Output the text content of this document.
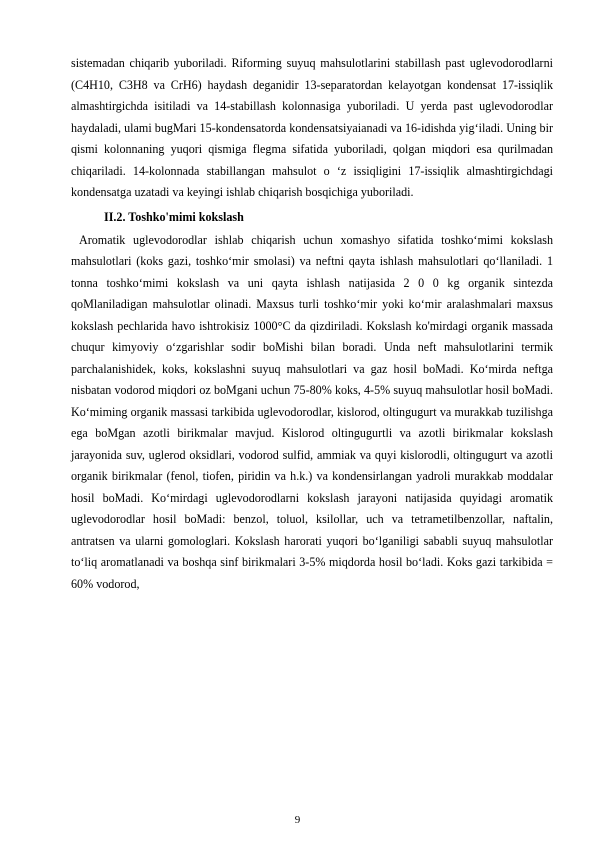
sistemadan chiqarib yuboriladi. Riforming suyuq mahsulotlarini stabillash past uglevodorodlarni (C4H10, C3H8 va CrH6) haydash deganidir 13-separatordan kelayotgan kondensat 17-issiqlik almashtirgichda isitiladi va 14-stabillash kolonnasiga yuboriladi. U yerda past uglevodorodlar haydaladi, ulami bugMari 15-kondensatorda kondensatsiyaianadi va 16-idishda yig‘iladi. Uning bir qismi kolonnaning yuqori qismiga flegma sifatida yuboriladi, qolgan miqdori esa qurilmadan chiqariladi. 14-kolonnada stabillangan mahsulot o ‘z issiqligini 17-issiqlik almashtirgichdagi kondensatga uzatadi va keyingi ishlab chiqarish bosqichiga yuboriladi.

II.2. Toshko'mimi kokslash

Aromatik uglevodorodlar ishlab chiqarish uchun xomashyo sifatida toshko‘mimi kokslash mahsulotlari (koks gazi, toshko‘mir smolasi) va neftni qayta ishlash mahsulotlari qo‘llaniladi. 1 tonna toshko‘mimi kokslash va uni qayta ishlash natijasida 2 0 0 kg organik sintezda qoMlaniladigan mahsulotlar olinadi. Maxsus turli toshko‘mir yoki ko‘mir aralashmalari maxsus kokslash pechlarida havo ishtrokisiz 1000°C da qizdiriladi. Kokslash ko'mirdagi organik massada chuqur kimyoviy o‘zgarishlar sodir boMishi bilan boradi. Unda neft mahsulotlarini termik parchalanishidek, koks, kokslashni suyuq mahsulotlari va gaz hosil boMadi. Ko‘mirda neftga nisbatan vodorod miqdori oz boMgani uchun 75-80% koks, 4-5% suyuq mahsulotlar hosil boMadi. Ko‘miming organik massasi tarkibida uglevodorodlar, kislorod, oltingugurt va murakkab tuzilishga ega boMgan azotli birikmalar mavjud. Kislorod oltingugurtli va azotli birikmalar kokslash jarayonida suv, uglerod oksidlari, vodorod sulfid, ammiak va quyi kislorodli, oltingugurt va azotli organik birikmalar (fenol, tiofen, piridin va h.k.) va kondensirlangan yadroli murakkab moddalar hosil boMadi. Ko‘mirdagi uglevodorodlarni kokslash jarayoni natijasida quyidagi aromatik uglevodorodlar hosil boMadi: benzol, toluol, ksilollar, uch va tetrametilbenzollar, naftalin, antratsen va ularni gomologlari. Kokslash harorati yuqori bo‘lganiligi sababli suyuq mahsulotlar to‘liq aromatlanadi va boshqa sinf birikmalari 3-5% miqdorda hosil bo‘ladi. Koks gazi tarkibida = 60% vodorod,

9
